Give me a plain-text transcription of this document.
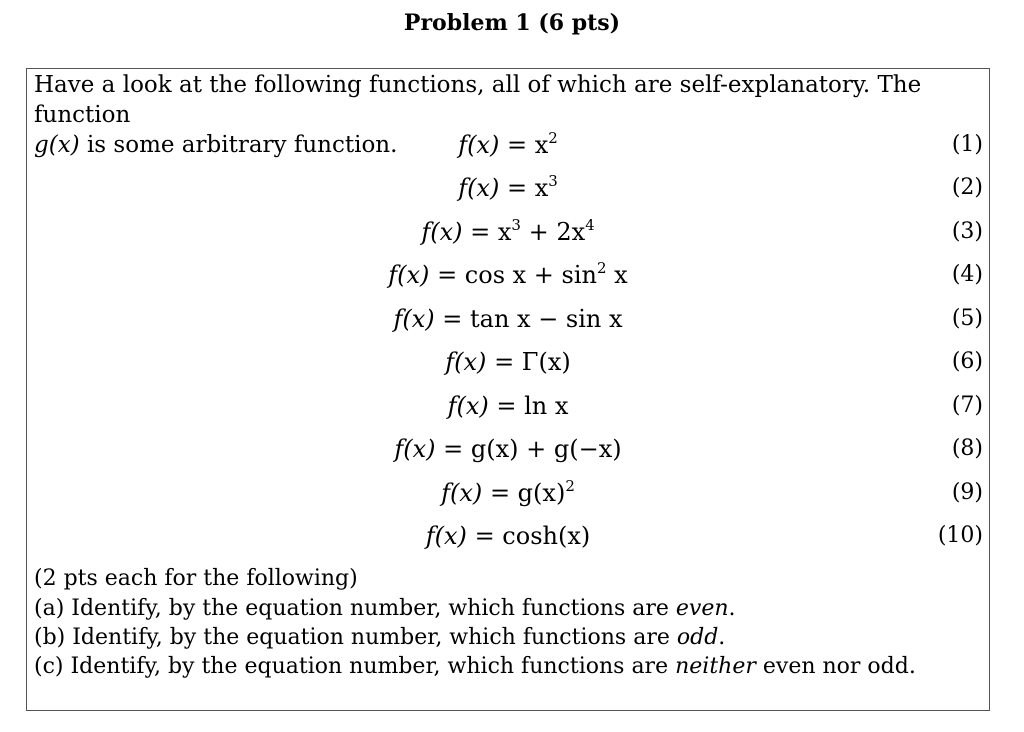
Problem 1 (6 pts)
Have a look at the following functions, all of which are self-explanatory. The function
g(x) is some arbitrary function.	$f(x) = x^2$	(1)
$f(x) = x^3$	(2)
$f(x) = x^3 + 2x^4$	(3)
$f(x) = \cos x + \sin^2 x$	(4)
f(x) = tan x − sin x	(5)
f(x) = Γ(x)	(6)
f(x) = ln x	(7)
f(x) = g(x) + g(−x)	(8)
$f(x) = g(x)^2$	(9)
f(x) = cosh(x)	(10)
(2 pts each for the following)
(a) Identify, by the equation number, which functions are even.
(b) Identify, by the equation number, which functions are odd.
(c) Identify, by the equation number, which functions are neither even nor odd.
